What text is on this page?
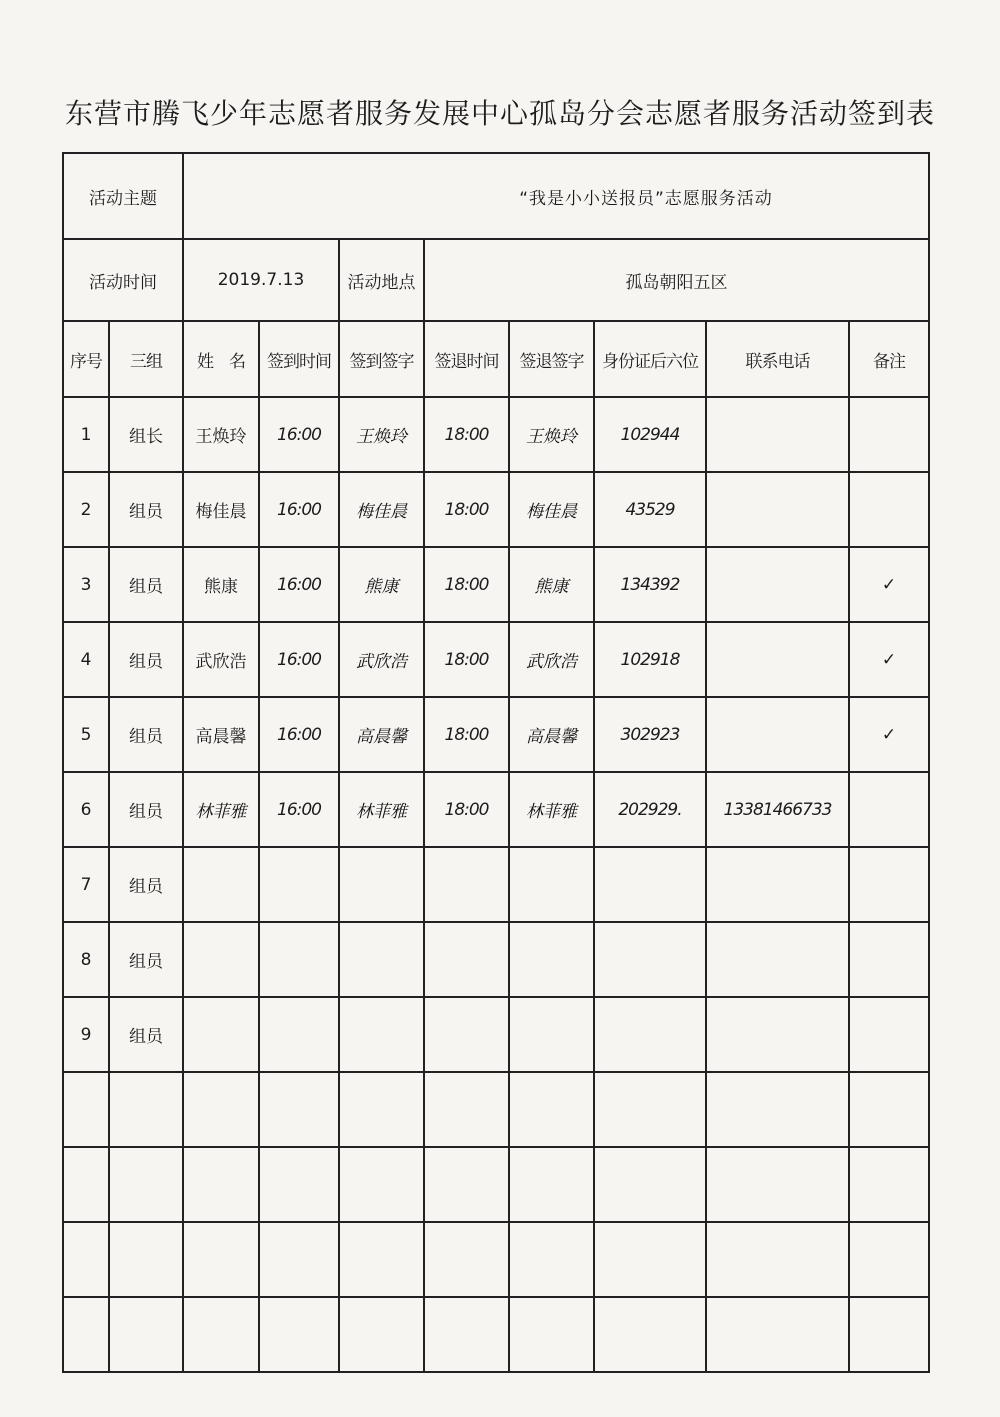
东营市腾飞少年志愿者服务发展中心孤岛分会志愿者服务活动签到表
活动主题		“我是小小送报员”志愿服务活动							
活动时间		2019.7.13		活动地点	孤岛朝阳五区				
序号	三组	姓　名	签到时间	签到签字	签退时间	签退签字	身份证后六位	联系电话	备注
1	组长	王焕玲	16:00	王焕玲	18:00	王焕玲	102944		
2	组员	梅佳晨	16:00	梅佳晨	18:00	梅佳晨	43529		
3	组员	熊康	16:00	熊康	18:00	熊康	134392		✓
4	组员	武欣浩	16:00	武欣浩	18:00	武欣浩	102918		✓
5	组员	高晨馨	16:00	高晨馨	18:00	高晨馨	302923		✓
6	组员	林菲雅	16:00	林菲雅	18:00	林菲雅	202929.	13381466733	
7	组员								
8	组员								
9	组员								
